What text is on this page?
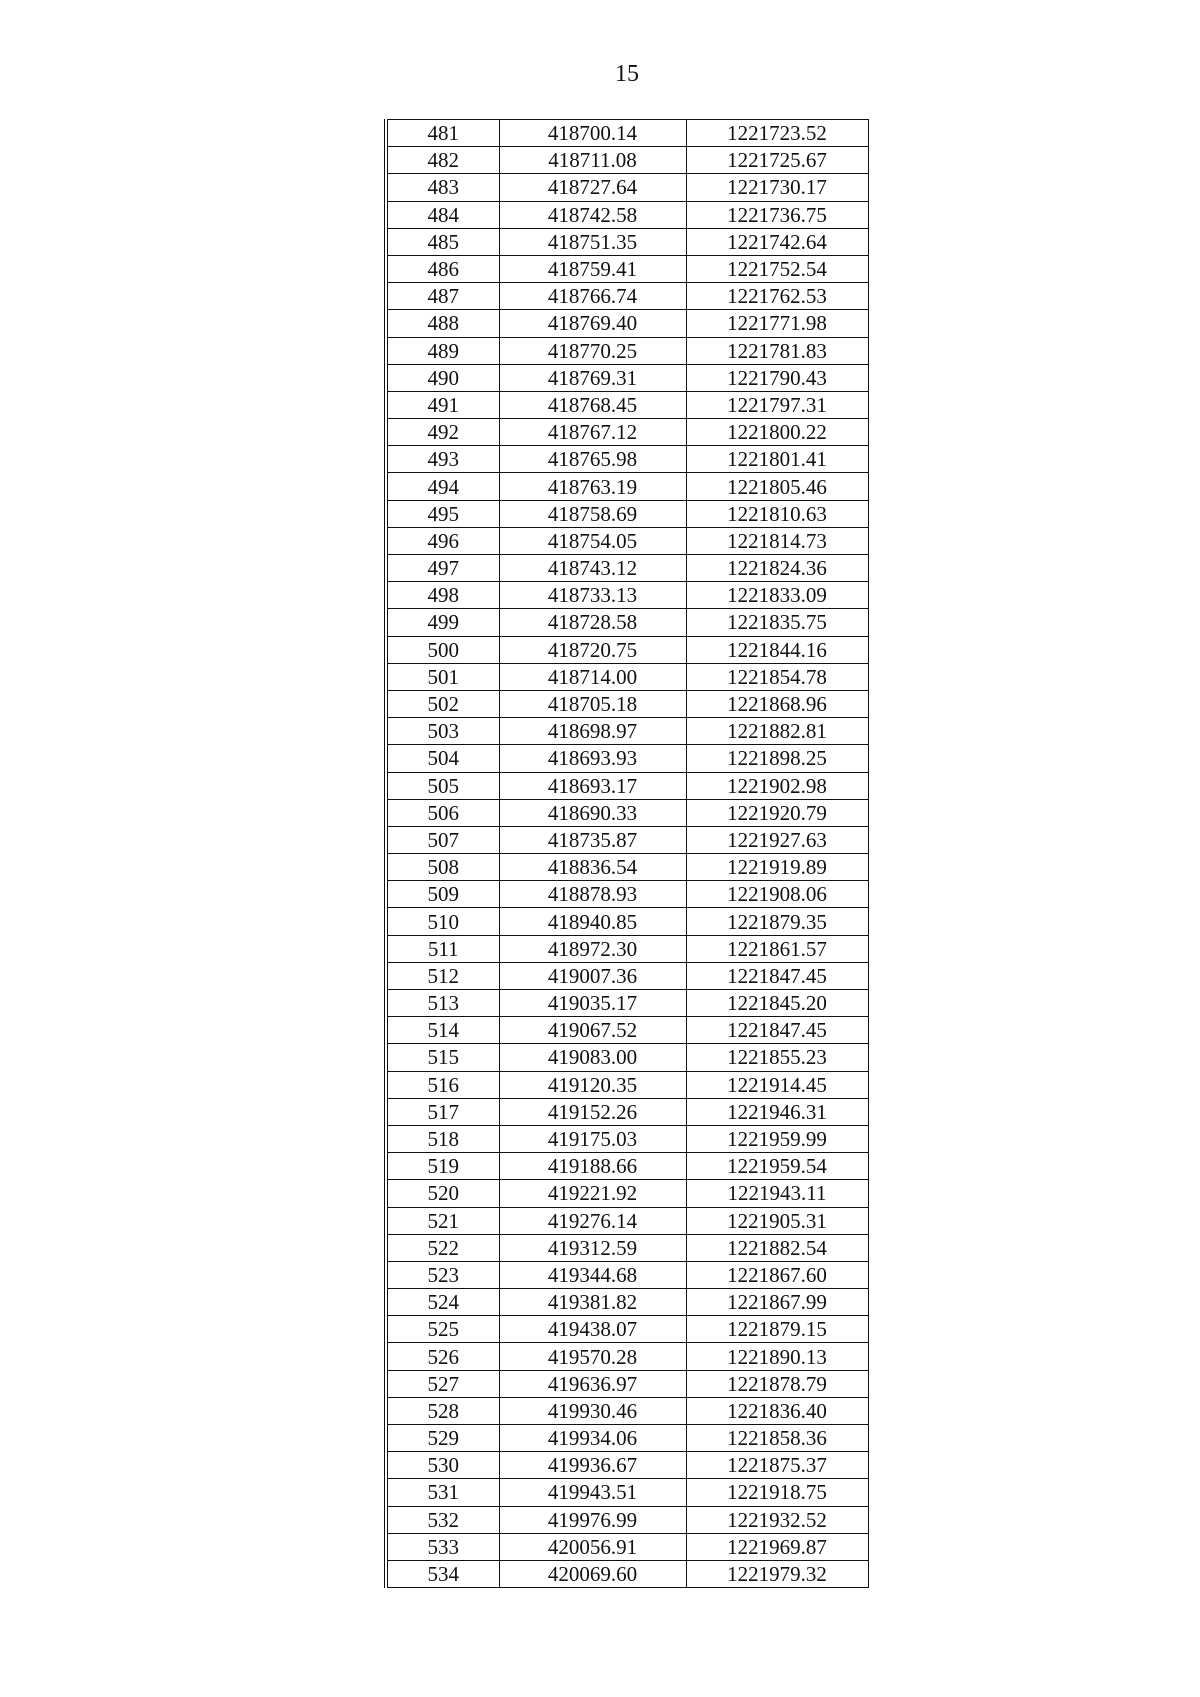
15
481	418700.14	1221723.52
482	418711.08	1221725.67
483	418727.64	1221730.17
484	418742.58	1221736.75
485	418751.35	1221742.64
486	418759.41	1221752.54
487	418766.74	1221762.53
488	418769.40	1221771.98
489	418770.25	1221781.83
490	418769.31	1221790.43
491	418768.45	1221797.31
492	418767.12	1221800.22
493	418765.98	1221801.41
494	418763.19	1221805.46
495	418758.69	1221810.63
496	418754.05	1221814.73
497	418743.12	1221824.36
498	418733.13	1221833.09
499	418728.58	1221835.75
500	418720.75	1221844.16
501	418714.00	1221854.78
502	418705.18	1221868.96
503	418698.97	1221882.81
504	418693.93	1221898.25
505	418693.17	1221902.98
506	418690.33	1221920.79
507	418735.87	1221927.63
508	418836.54	1221919.89
509	418878.93	1221908.06
510	418940.85	1221879.35
511	418972.30	1221861.57
512	419007.36	1221847.45
513	419035.17	1221845.20
514	419067.52	1221847.45
515	419083.00	1221855.23
516	419120.35	1221914.45
517	419152.26	1221946.31
518	419175.03	1221959.99
519	419188.66	1221959.54
520	419221.92	1221943.11
521	419276.14	1221905.31
522	419312.59	1221882.54
523	419344.68	1221867.60
524	419381.82	1221867.99
525	419438.07	1221879.15
526	419570.28	1221890.13
527	419636.97	1221878.79
528	419930.46	1221836.40
529	419934.06	1221858.36
530	419936.67	1221875.37
531	419943.51	1221918.75
532	419976.99	1221932.52
533	420056.91	1221969.87
534	420069.60	1221979.32
